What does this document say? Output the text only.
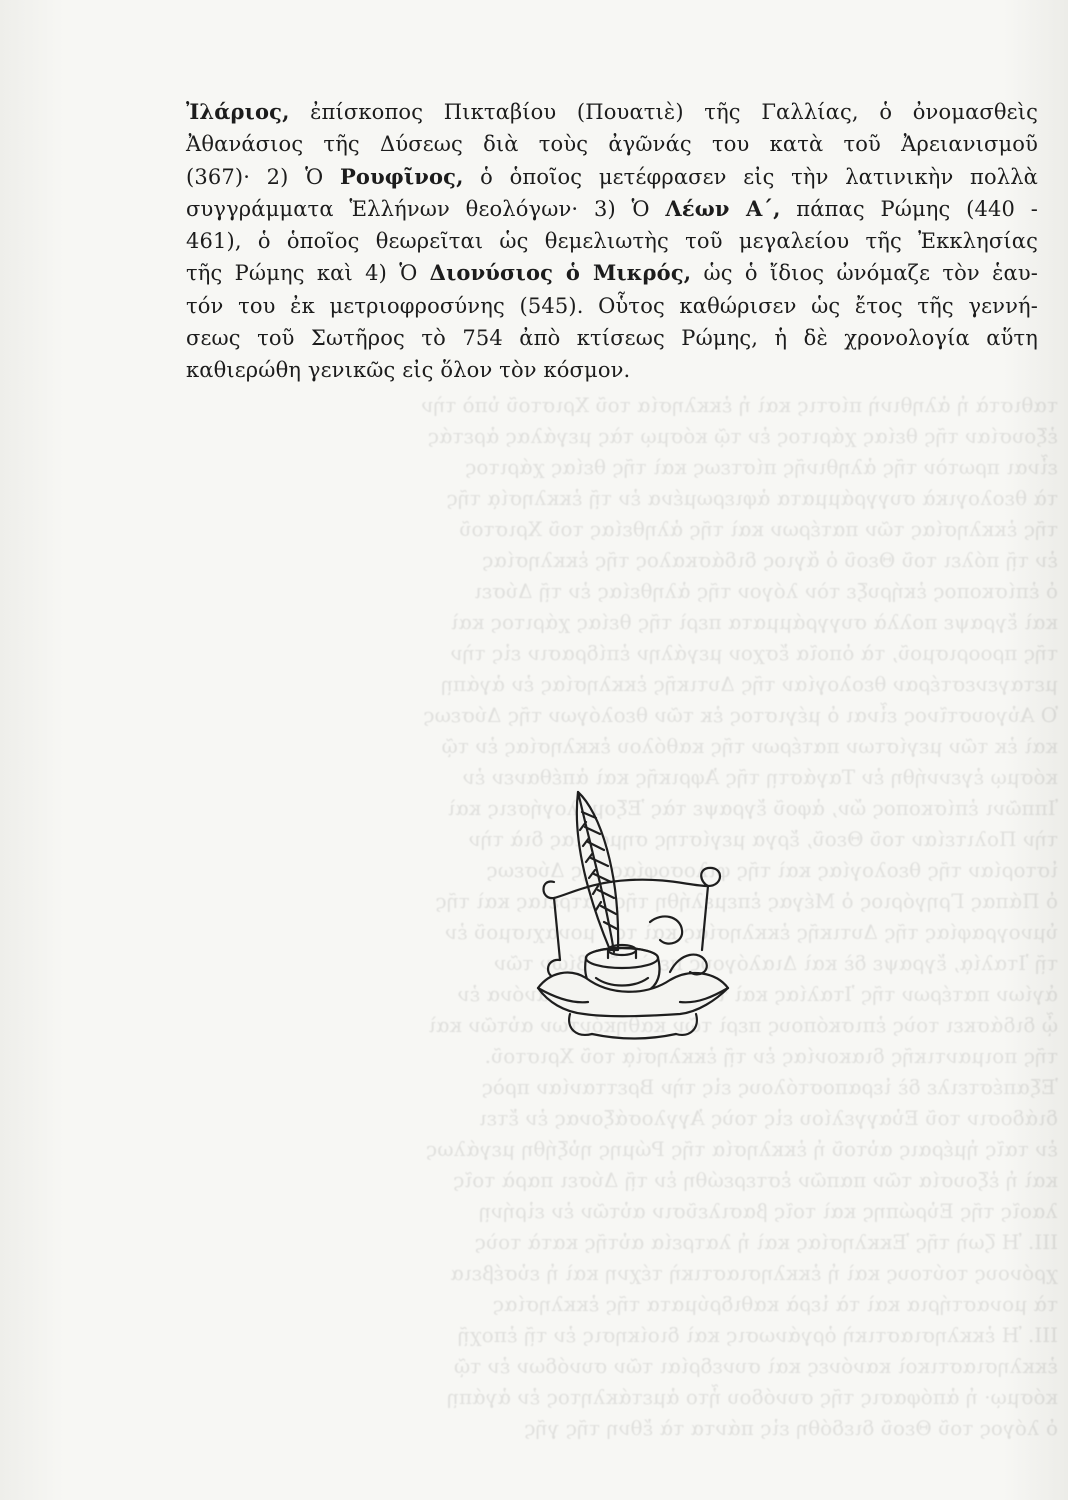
ταθιστὰ ἡ ἀληθινὴ πίστις καὶ ἡ ἐκκλησία τοῦ Χριστοῦ ὑπὸ τὴν
ἐξουσίαν τῆς θείας χάριτος ἐν τῷ κόσμῳ τὰς μεγάλας ἀρετάς
εἶναι πρωτὸν τῆς ἀληθινῆς πίστεως καὶ τῆς θείας χάριτος
τὰ θεολογικὰ συγγράμματα ἀφιερωμένα ἐν τῇ ἐκκλησίᾳ τῆς
τῆς ἐκκλησίας τῶν πατέρων καὶ τῆς ἀληθείας τοῦ Χριστοῦ
ἐν τῇ πόλει τοῦ Θεοῦ ὁ ἅγιος διδάσκαλος τῆς ἐκκλησίας
ὁ ἐπίσκοπος ἐκήρυξε τὸν λόγον τῆς ἀληθείας ἐν τῇ Δύσει
καὶ ἔγραψε πολλὰ συγγράμματα περὶ τῆς θείας χάριτος καὶ
τῆς προορισμοῦ, τὰ ὁποῖα ἔσχον μεγάλην ἐπίδρασιν εἰς τὴν
μεταγενεστέραν θεολογίαν τῆς Δυτικῆς ἐκκλησίας ἐν ἀγάπῃ
Ὁ Αὐγουστῖνος εἶναι ὁ μέγιστος ἐκ τῶν θεολόγων τῆς Δύσεως
καὶ ἐκ τῶν μεγίστων πατέρων τῆς καθόλου ἐκκλησίας ἐν τῷ
κόσμῳ ἐγεννήθη ἐν Ταγάστῃ τῆς Ἀφρικῆς καὶ ἀπέθανεν ἐν
Ἱππῶνι ἐπίσκοπος ὤν, ἀφοῦ ἔγραψε τὰς Ἐξομολογήσεις καὶ
τὴν Πολιτείαν τοῦ Θεοῦ, ἔργα μεγίστης σημασίας διὰ τὴν
ἱστορίαν τῆς θεολογίας καὶ τῆς φιλοσοφίας τῆς Δύσεως
ὁ Πάπας Γρηγόριος ὁ Μέγας ἐπεμελήθη τῆς λατρείας καὶ τῆς
ὑμνογραφίας τῆς Δυτικῆς ἐκκλησίας καὶ τοῦ μοναχισμοῦ ἐν
τῇ Ἰταλίᾳ, ἔγραψε δὲ καὶ Διαλόγους περὶ τῶν βίων τῶν
ἁγίων πατέρων τῆς Ἰταλίας καὶ τὸν Ποιμενικὸν κανόνα ἐν
ᾧ διδάσκει τοὺς ἐπισκόπους περὶ τῶν καθηκόντων αὐτῶν καὶ
τῆς ποιμαντικῆς διακονίας ἐν τῇ ἐκκλησίᾳ τοῦ Χριστοῦ.
Ἐξαπέστειλε δὲ ἱεραποστόλους εἰς τὴν Βρεττανίαν πρὸς
διάδοσιν τοῦ Εὐαγγελίου εἰς τοὺς Ἀγγλοσάξονας ἐν ἔτει
ἐν ταῖς ἡμέραις αὐτοῦ ἡ ἐκκλησία τῆς Ρώμης ηὐξήθη μεγάλως
καὶ ἡ ἐξουσία τῶν παπῶν ἐστερεώθη ἐν τῇ Δύσει παρὰ τοῖς
λαοῖς τῆς Εὐρώπης καὶ τοῖς βασιλεῦσιν αὐτῶν ἐν εἰρήνῃ
III. Ἡ ζωὴ τῆς Ἐκκλησίας καὶ ἡ λατρεία αὐτῆς κατὰ τοὺς
χρόνους τούτους καὶ ἡ ἐκκλησιαστικὴ τέχνη καὶ ἡ εὐσέβεια
τὰ μοναστήρια καὶ τὰ ἱερὰ καθιδρύματα τῆς ἐκκλησίας
ΙΙΙ. Ἡ ἐκκλησιαστικὴ ὀργάνωσις καὶ διοίκησις ἐν τῇ ἐποχῇ
ἐκκλησιαστικοὶ κανόνες καὶ συνεδρίαι τῶν συνόδων ἐν τῷ
κόσμῳ· ἡ ἀπόφασις τῆς συνόδου ἦτο ἀμετάκλητος ἐν ἀγάπῃ
ὁ λόγος τοῦ Θεοῦ διεδόθη εἰς πάντα τὰ ἔθνη τῆς γῆς
Ἰλάριος, ἐπίσκοπος Πικταβίου (Πουατιὲ) τῆς Γαλλίας, ὁ ὀνομασθεὶς
Ἀθανάσιος τῆς Δύσεως διὰ τοὺς ἀγῶνάς του κατὰ τοῦ Ἀρειανισμοῦ
(367)· 2) Ὁ Ρουφῖνος, ὁ ὁποῖος μετέφρασεν εἰς τὴν λατινικὴν πολλὰ
συγγράμματα Ἑλλήνων θεολόγων· 3) Ὁ Λέων Α΄, πάπας Ρώμης (440 -
461), ὁ ὁποῖος θεωρεῖται ὡς θεμελιωτὴς τοῦ μεγαλείου τῆς Ἐκκλησίας
τῆς Ρώμης καὶ 4) Ὁ Διονύσιος ὁ Μικρός, ὡς ὁ ἴδιος ὠνόμαζε τὸν ἑαυ-
τόν του ἐκ μετριοφροσύνης (545). Οὗτος καθώρισεν ὡς ἔτος τῆς γεννή-
σεως τοῦ Σωτῆρος τὸ 754 ἀπὸ κτίσεως Ρώμης, ἡ δὲ χρονολογία αὕτη
καθιερώθη γενικῶς εἰς ὅλον τὸν κόσμον.
